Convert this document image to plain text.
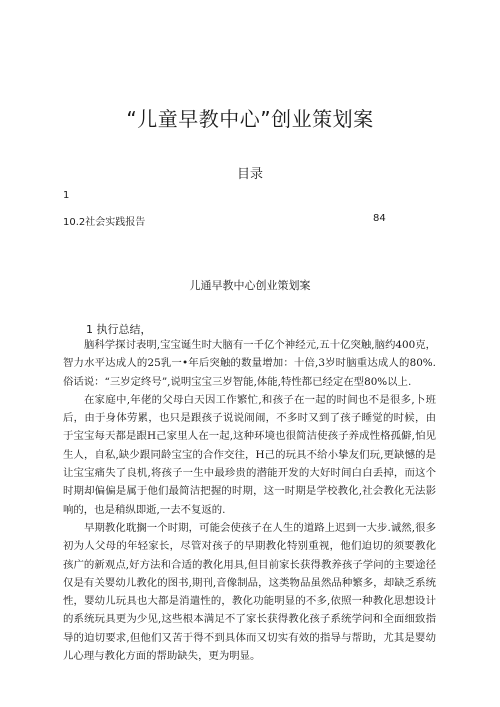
“儿童早教中心”创业策划案
目录
1
10.2社会实践报告	84
儿通早教中心创业策划案
1 执行总结，

脑科学探讨表明,宝宝诞生时大脑有一千亿个神经元,五十亿突触,脑约400克，智力水平达成人的25乳一•年后突触的数量增加：十倍,3岁时脑重达成人的80%.俗话说：“三岁定终号”,说明宝宝三岁智能,体能,特性都已经定在型80%以上.

在家庭中,年佬的父母白天因工作繁忙,和孩子在一起的时间也不是很多,卜班后，由于身体劳累，也只是跟孩子说说闹闹，不多时又到了孩子睡觉的时候，由于宝宝每天都是跟H己家里人在一起,这种环境也很简洁使孩子养成性格孤僻,怕见生人，自私,缺少跟同龄宝宝的合作交往，H己的玩具不给小挚友们玩,更缺憾的是让宝宝痛失了良机,将孩子一生中最珍贵的潜能开发的大好时间白白丢掉，而这个时期却偏偏是属于他们最简洁把握的时期，这一时期是学校教化,社会教化无法影响的，也是稍纵即逝,一去不复返的.

早期教化耽搁一个时期，可能会使孩子在人生的道路上迟到一大步.诚然,很多初为人父母的年轻家长，尽管对孩子的早期教化特别重视，他们迫切的须要教化孩广的新观点,好方法和合适的教化用具,但目前家长获得教养孩子学问的主要途径仅是有关婴幼儿教化的图书,期刊,音像制品，这类物品虽然品种繁多，却缺乏系统性，婴幼儿玩具也大都是消遣性的，教化功能明显的不多,依照一种教化思想设计的系统玩具更为少见,这些根本满足不了家长获得教化孩子系统学问和全面细致指导的迫切要求,但他们又苦于得不到具体而又切实有效的指导与帮助，尤其是婴幼儿心理与教化方面的帮助缺失，更为明显。
